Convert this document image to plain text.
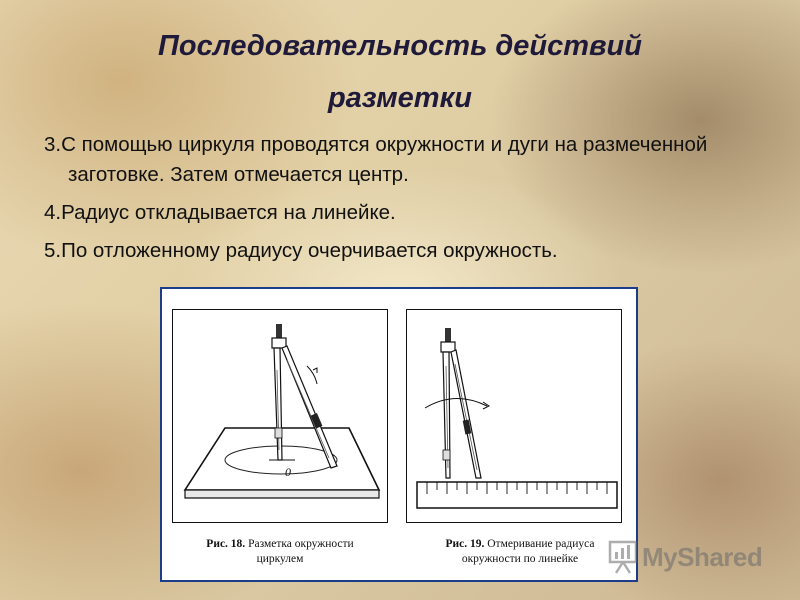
Последовательность действий
разметки
3.С помощью циркуля проводятся окружности и дуги на размеченной заготовке. Затем отмечается центр.
4.Радиус откладывается на линейке.
5.По отложенному радиусу очерчивается окружность.
0
Рис. 18. Разметка окружности
циркулем
Рис. 19. Отмеривание радиуса
окружности по линейке	MyShared
